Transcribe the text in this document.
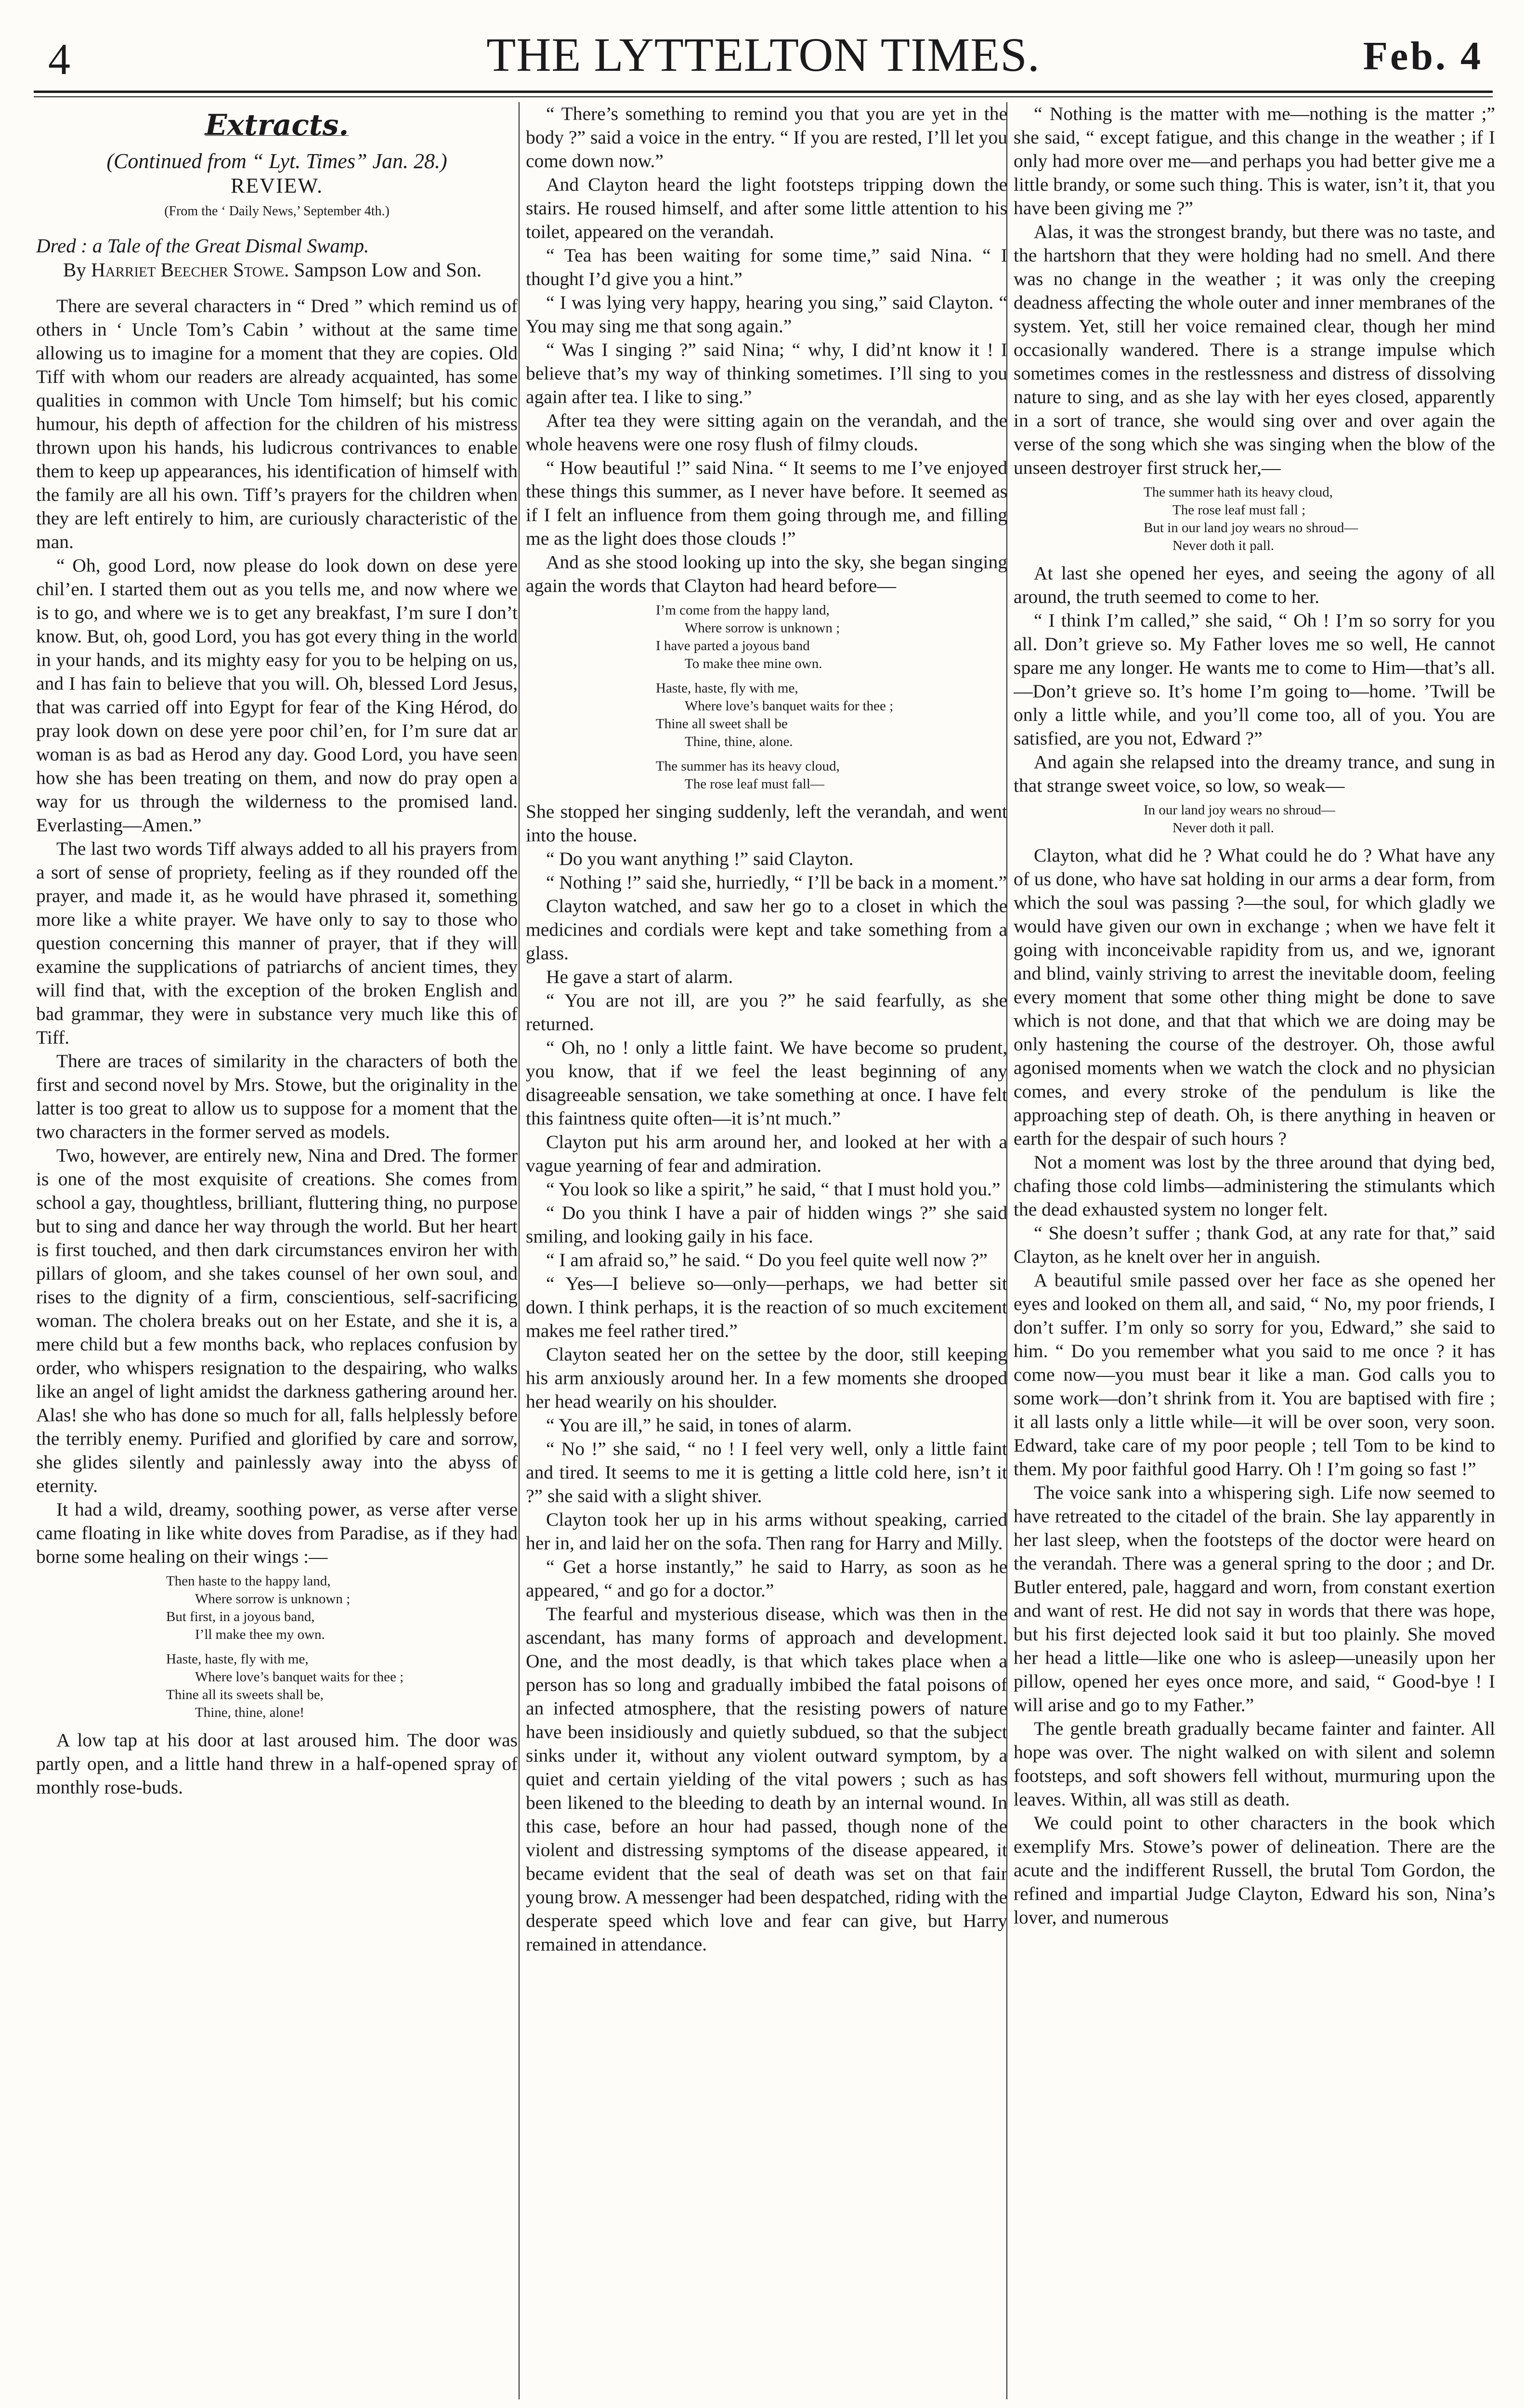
4	THE LYTTELTON TIMES.	Feb. 4
Extracts.
(Continued from “ Lyt. Times” Jan. 28.)
REVIEW.
(From the ‘ Daily News,’ September 4th.)
Dred : a Tale of the Great Dismal Swamp.
By Harriet Beecher Stowe. Sampson Low and Son.

There are several characters in “ Dred ” which remind us of others in ‘ Uncle Tom’s Cabin ’ without at the same time allowing us to imagine for a moment that they are copies. Old Tiff with whom our readers are already acquainted, has some qualities in common with Uncle Tom himself; but his comic humour, his depth of affection for the children of his mistress thrown upon his hands, his ludicrous contrivances to enable them to keep up appearances, his identification of himself with the family are all his own. Tiff’s prayers for the children when they are left entirely to him, are curiously characteristic of the man.

“ Oh, good Lord, now please do look down on dese yere chil’en. I started them out as you tells me, and now where we is to go, and where we is to get any breakfast, I’m sure I don’t know. But, oh, good Lord, you has got every thing in the world in your hands, and its mighty easy for you to be helping on us, and I has fain to believe that you will. Oh, blessed Lord Jesus, that was carried off into Egypt for fear of the King Hérod, do pray look down on dese yere poor chil’en, for I’m sure dat ar woman is as bad as Herod any day. Good Lord, you have seen how she has been treating on them, and now do pray open a way for us through the wilderness to the promised land. Everlasting—Amen.”

The last two words Tiff always added to all his prayers from a sort of sense of propriety, feeling as if they rounded off the prayer, and made it, as he would have phrased it, something more like a white prayer. We have only to say to those who question concerning this manner of prayer, that if they will examine the supplications of patriarchs of ancient times, they will find that, with the exception of the broken English and bad grammar, they were in substance very much like this of Tiff.

There are traces of similarity in the characters of both the first and second novel by Mrs. Stowe, but the originality in the latter is too great to allow us to suppose for a moment that the two characters in the former served as models.

Two, however, are entirely new, Nina and Dred. The former is one of the most exquisite of creations. She comes from school a gay, thoughtless, brilliant, fluttering thing, no purpose but to sing and dance her way through the world. But her heart is first touched, and then dark circumstances environ her with pillars of gloom, and she takes counsel of her own soul, and rises to the dignity of a firm, conscientious, self-sacrificing woman. The cholera breaks out on her Estate, and she it is, a mere child but a few months back, who replaces confusion by order, who whispers resignation to the despairing, who walks like an angel of light amidst the darkness gathering around her. Alas! she who has done so much for all, falls helplessly before the terribly enemy. Purified and glorified by care and sorrow, she glides silently and painlessly away into the abyss of eternity.

It had a wild, dreamy, soothing power, as verse after verse came floating in like white doves from Paradise, as if they had borne some healing on their wings :—

Then haste to the happy land,
Where sorrow is unknown ;
But first, in a joyous band,
I’ll make thee my own.
Haste, haste, fly with me,
Where love’s banquet waits for thee ;
Thine all its sweets shall be,
Thine, thine, alone!

A low tap at his door at last aroused him. The door was partly open, and a little hand threw in a half-opened spray of monthly rose-buds.

“ There’s something to remind you that you are yet in the body ?” said a voice in the entry. “ If you are rested, I’ll let you come down now.”

And Clayton heard the light footsteps tripping down the stairs. He roused himself, and after some little attention to his toilet, appeared on the verandah.

“ Tea has been waiting for some time,” said Nina. “ I thought I’d give you a hint.”

“ I was lying very happy, hearing you sing,” said Clayton. “ You may sing me that song again.”

“ Was I singing ?” said Nina; “ why, I did’nt know it ! I believe that’s my way of thinking sometimes. I’ll sing to you again after tea. I like to sing.”

After tea they were sitting again on the verandah, and the whole heavens were one rosy flush of filmy clouds.

“ How beautiful !” said Nina. “ It seems to me I’ve enjoyed these things this summer, as I never have before. It seemed as if I felt an influence from them going through me, and filling me as the light does those clouds !”

And as she stood looking up into the sky, she began singing again the words that Clayton had heard before—

I’m come from the happy land,
Where sorrow is unknown ;
I have parted a joyous band
To make thee mine own.
Haste, haste, fly with me,
Where love’s banquet waits for thee ;
Thine all sweet shall be
Thine, thine, alone.
The summer has its heavy cloud,
The rose leaf must fall—

She stopped her singing suddenly, left the verandah, and went into the house.

“ Do you want anything !” said Clayton.

“ Nothing !” said she, hurriedly, “ I’ll be back in a moment.”

Clayton watched, and saw her go to a closet in which the medicines and cordials were kept and take something from a glass.

He gave a start of alarm.

“ You are not ill, are you ?” he said fearfully, as she returned.

“ Oh, no ! only a little faint. We have become so prudent, you know, that if we feel the least beginning of any disagreeable sensation, we take something at once. I have felt this faintness quite often—it is’nt much.”

Clayton put his arm around her, and looked at her with a vague yearning of fear and admiration.

“ You look so like a spirit,” he said, “ that I must hold you.”

“ Do you think I have a pair of hidden wings ?” she said smiling, and looking gaily in his face.

“ I am afraid so,” he said. “ Do you feel quite well now ?”

“ Yes—I believe so—only—perhaps, we had better sit down. I think perhaps, it is the reaction of so much excitement makes me feel rather tired.”

Clayton seated her on the settee by the door, still keeping his arm anxiously around her. In a few moments she drooped her head wearily on his shoulder.

“ You are ill,” he said, in tones of alarm.

“ No !” she said, “ no ! I feel very well, only a little faint and tired. It seems to me it is getting a little cold here, isn’t it ?” she said with a slight shiver.

Clayton took her up in his arms without speaking, carried her in, and laid her on the sofa. Then rang for Harry and Milly.

“ Get a horse instantly,” he said to Harry, as soon as he appeared, “ and go for a doctor.”

The fearful and mysterious disease, which was then in the ascendant, has many forms of approach and development. One, and the most deadly, is that which takes place when a person has so long and gradually imbibed the fatal poisons of an infected atmosphere, that the resisting powers of nature have been insidiously and quietly subdued, so that the subject sinks under it, without any violent outward symptom, by a quiet and certain yielding of the vital powers ; such as has been likened to the bleeding to death by an internal wound. In this case, before an hour had passed, though none of the violent and distressing symptoms of the disease appeared, it became evident that the seal of death was set on that fair young brow. A messenger had been despatched, riding with the desperate speed which love and fear can give, but Harry remained in attendance.

“ Nothing is the matter with me—nothing is the matter ;” she said, “ except fatigue, and this change in the weather ; if I only had more over me—and perhaps you had better give me a little brandy, or some such thing. This is water, isn’t it, that you have been giving me ?”

Alas, it was the strongest brandy, but there was no taste, and the hartshorn that they were holding had no smell. And there was no change in the weather ; it was only the creeping deadness affecting the whole outer and inner membranes of the system. Yet, still her voice remained clear, though her mind occasionally wandered. There is a strange impulse which sometimes comes in the restlessness and distress of dissolving nature to sing, and as she lay with her eyes closed, apparently in a sort of trance, she would sing over and over again the verse of the song which she was singing when the blow of the unseen destroyer first struck her,—

The summer hath its heavy cloud,
The rose leaf must fall ;
But in our land joy wears no shroud—
Never doth it pall.

At last she opened her eyes, and seeing the agony of all around, the truth seemed to come to her.

“ I think I’m called,” she said, “ Oh ! I’m so sorry for you all. Don’t grieve so. My Father loves me so well, He cannot spare me any longer. He wants me to come to Him—that’s all.—Don’t grieve so. It’s home I’m going to—home. ’Twill be only a little while, and you’ll come too, all of you. You are satisfied, are you not, Edward ?”

And again she relapsed into the dreamy trance, and sung in that strange sweet voice, so low, so weak—

In our land joy wears no shroud—
Never doth it pall.

Clayton, what did he ? What could he do ? What have any of us done, who have sat holding in our arms a dear form, from which the soul was passing ?—the soul, for which gladly we would have given our own in exchange ; when we have felt it going with inconceivable rapidity from us, and we, ignorant and blind, vainly striving to arrest the inevitable doom, feeling every moment that some other thing might be done to save which is not done, and that that which we are doing may be only hastening the course of the destroyer. Oh, those awful agonised moments when we watch the clock and no physician comes, and every stroke of the pendulum is like the approaching step of death. Oh, is there anything in heaven or earth for the despair of such hours ?

Not a moment was lost by the three around that dying bed, chafing those cold limbs—administering the stimulants which the dead exhausted system no longer felt.

“ She doesn’t suffer ; thank God, at any rate for that,” said Clayton, as he knelt over her in anguish.

A beautiful smile passed over her face as she opened her eyes and looked on them all, and said, “ No, my poor friends, I don’t suffer. I’m only so sorry for you, Edward,” she said to him. “ Do you remember what you said to me once ? it has come now—you must bear it like a man. God calls you to some work—don’t shrink from it. You are baptised with fire ; it all lasts only a little while—it will be over soon, very soon. Edward, take care of my poor people ; tell Tom to be kind to them. My poor faithful good Harry. Oh ! I’m going so fast !”

The voice sank into a whispering sigh. Life now seemed to have retreated to the citadel of the brain. She lay apparently in her last sleep, when the footsteps of the doctor were heard on the verandah. There was a general spring to the door ; and Dr. Butler entered, pale, haggard and worn, from constant exertion and want of rest. He did not say in words that there was hope, but his first dejected look said it but too plainly. She moved her head a little—like one who is asleep—uneasily upon her pillow, opened her eyes once more, and said, “ Good-bye ! I will arise and go to my Father.”

The gentle breath gradually became fainter and fainter. All hope was over. The night walked on with silent and solemn footsteps, and soft showers fell without, murmuring upon the leaves. Within, all was still as death.

We could point to other characters in the book which exemplify Mrs. Stowe’s power of delineation. There are the acute and the indifferent Russell, the brutal Tom Gordon, the refined and impartial Judge Clayton, Edward his son, Nina’s lover, and numerous
